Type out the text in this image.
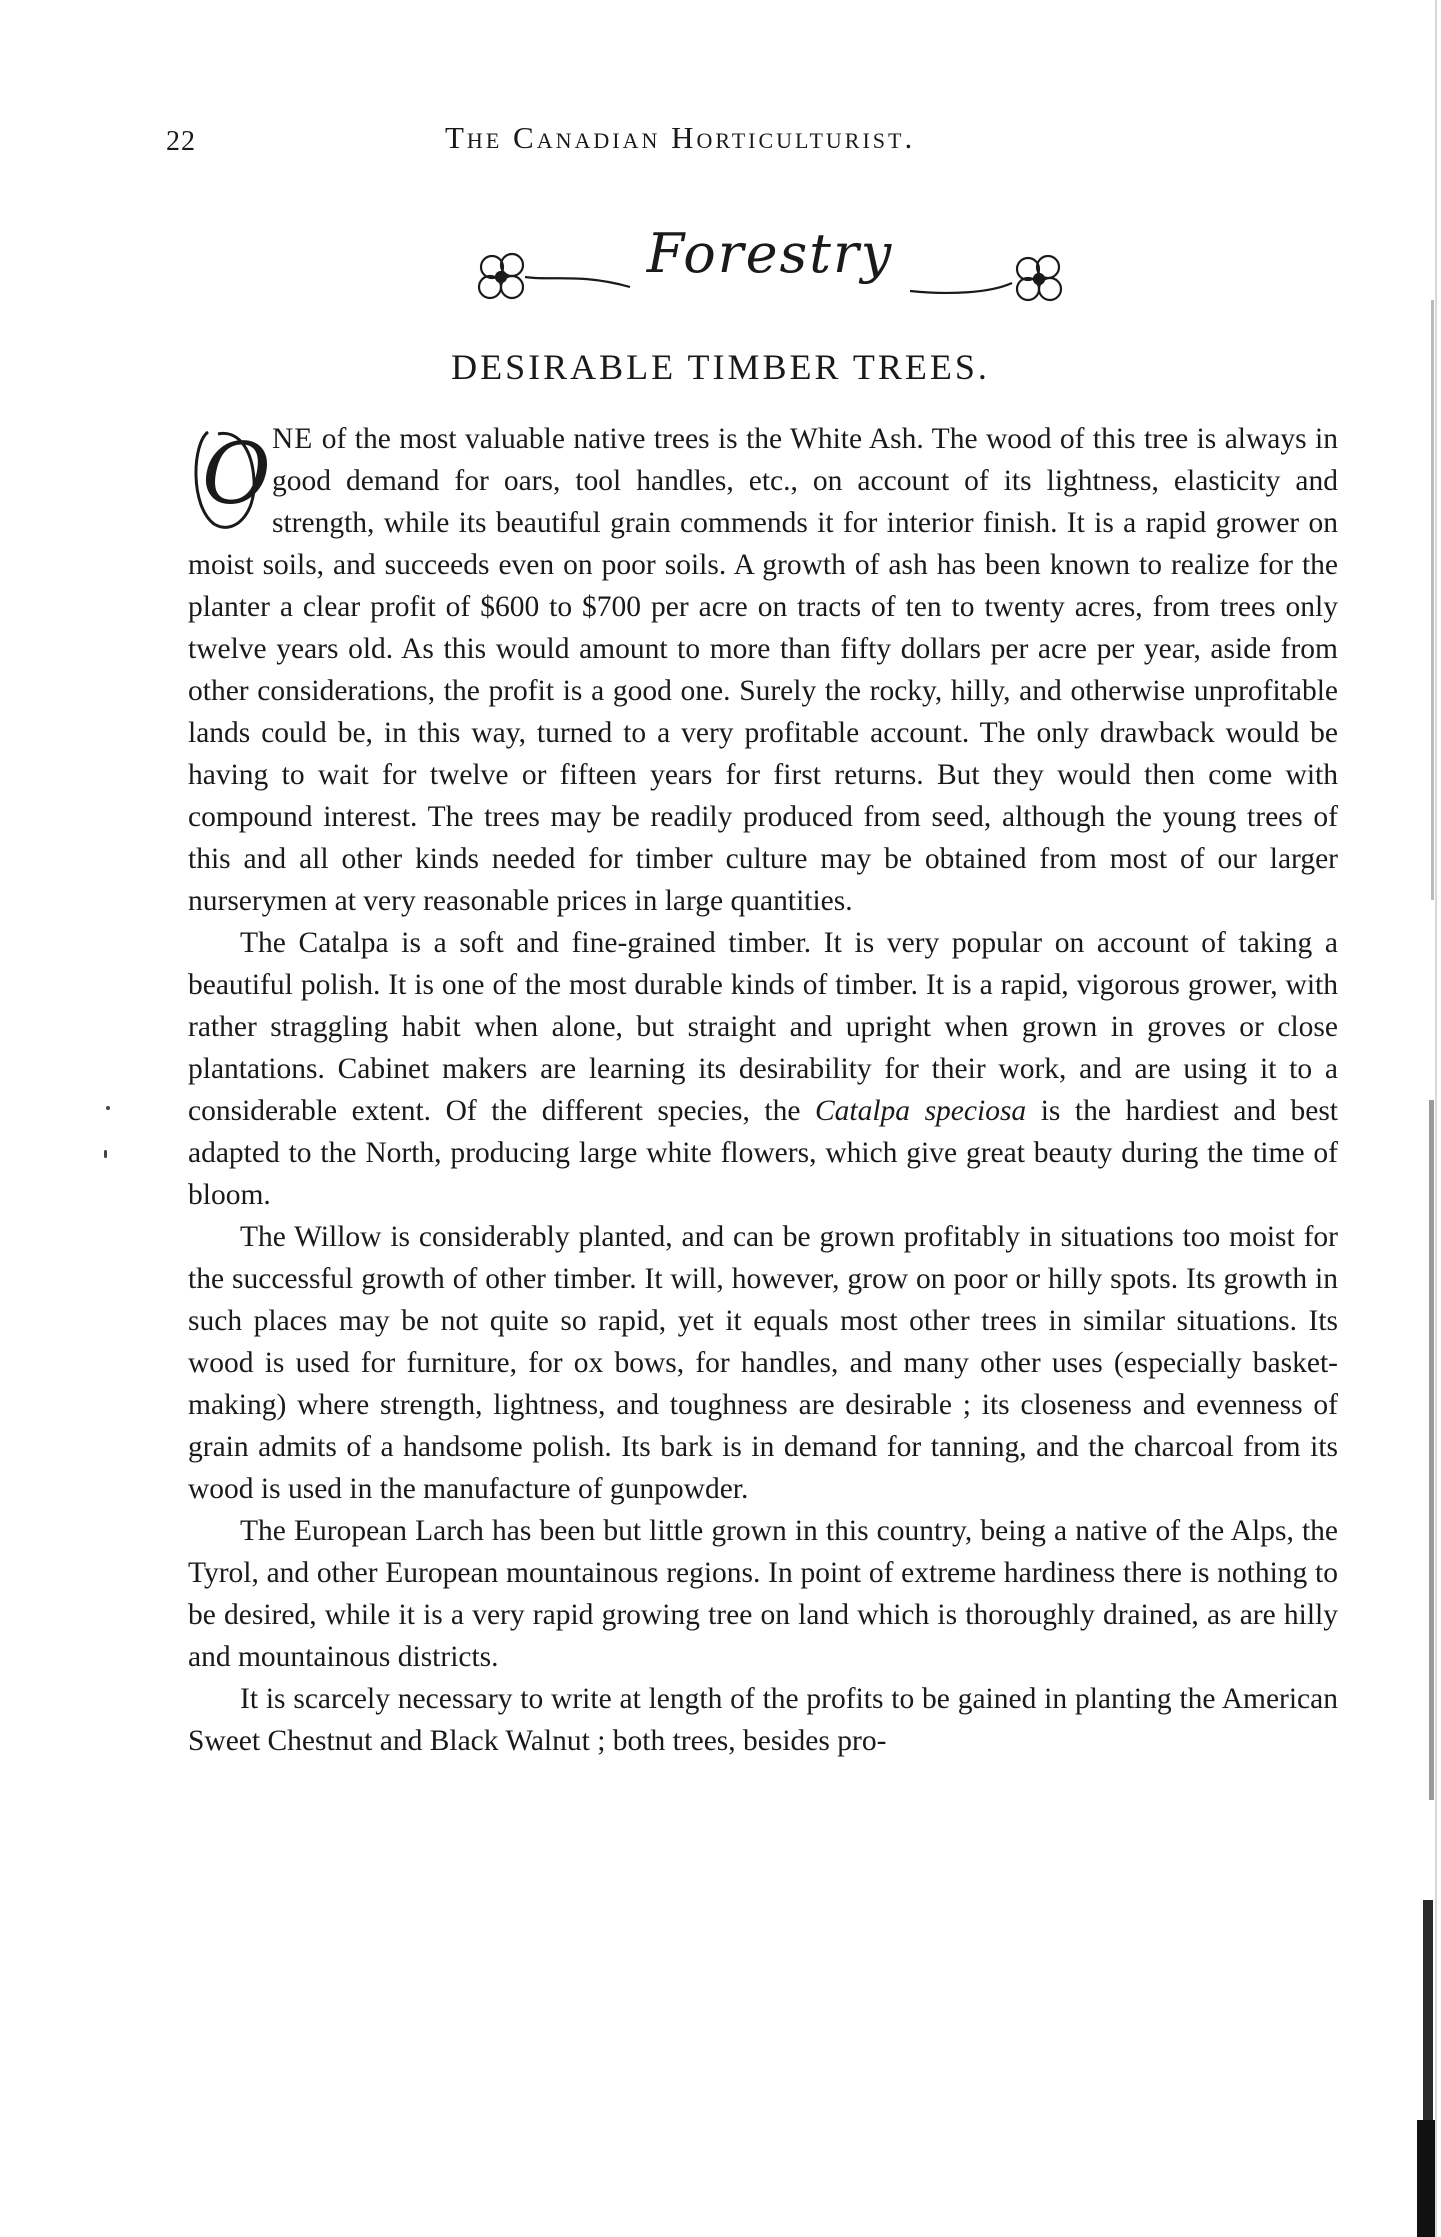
22	The Canadian Horticulturist.
Forestry
DESIRABLE TIMBER TREES.

O NE of the most valuable native trees is the White Ash. The wood of this tree is always in good demand for oars, tool handles, etc., on account of its lightness, elasticity and strength, while its beautiful grain commends it for interior finish. It is a rapid grower on moist soils, and succeeds even on poor soils. A growth of ash has been known to realize for the planter a clear profit of $600 to $700 per acre on tracts of ten to twenty acres, from trees only twelve years old. As this would amount to more than fifty dollars per acre per year, aside from other considerations, the profit is a good one. Surely the rocky, hilly, and otherwise unprofitable lands could be, in this way, turned to a very profitable account. The only drawback would be having to wait for twelve or fifteen years for first returns. But they would then come with compound interest. The trees may be readily produced from seed, although the young trees of this and all other kinds needed for timber culture may be obtained from most of our larger nurserymen at very reasonable prices in large quantities.

The Catalpa is a soft and fine-grained timber. It is very popular on account of taking a beautiful polish. It is one of the most durable kinds of timber. It is a rapid, vigorous grower, with rather straggling habit when alone, but straight and upright when grown in groves or close plantations. Cabinet makers are learning its desirability for their work, and are using it to a considerable extent. Of the different species, the Catalpa speciosa is the hardiest and best adapted to the North, producing large white flowers, which give great beauty during the time of bloom.

The Willow is considerably planted, and can be grown profitably in situations too moist for the successful growth of other timber. It will, however, grow on poor or hilly spots. Its growth in such places may be not quite so rapid, yet it equals most other trees in similar situations. Its wood is used for furniture, for ox bows, for handles, and many other uses (especially basket-making) where strength, lightness, and toughness are desirable ; its closeness and evenness of grain admits of a handsome polish. Its bark is in demand for tanning, and the charcoal from its wood is used in the manufacture of gunpowder.

The European Larch has been but little grown in this country, being a native of the Alps, the Tyrol, and other European mountainous regions. In point of extreme hardiness there is nothing to be desired, while it is a very rapid growing tree on land which is thoroughly drained, as are hilly and mountainous districts.

It is scarcely necessary to write at length of the profits to be gained in planting the American Sweet Chestnut and Black Walnut ; both trees, besides pro-
